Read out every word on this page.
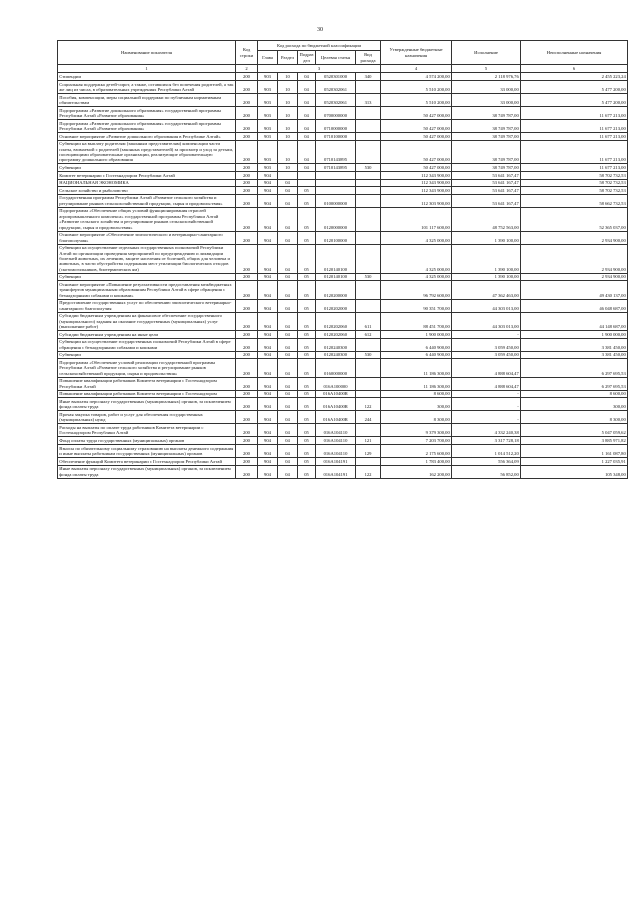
30
Наименование показателя	Код строки	Код расхода по бюджетной классификации					Утвержденные бюджетные назначения	Исполнение	Неисполненные назначения
		Глава	Раздел	Подраз дел	Целевая статья	Вид расхода			
1	2	3					4	5	6
Стипендии	200	903	10	04	0520301000	340	4 574 200,00	2 118 976,76	2 455 223,24
Социальная поддержка детей-сирот, а также, оставшихся без попечения родителей, а так же лиц из числа, в образовательных учреждениях Республики Алтай	200	903	10	04	0520302061		5 510 200,00	33 000,00	5 477 200,00
Пособия, компенсации, меры социальной поддержки по публичным нормативным обязательствам	200	903	10	04	0520302061	313	5 510 200,00	33 000,00	5 477 200,00
Подпрограмма «Развитие дошкольного образования» государственной программы Республики Алтай «Развитие образования»	200	903	10	04	0700000000		50 427 000,00	38 749 787,00	11 677 213,00
Подпрограмма «Развитие дошкольного образования» государственной программы Республики Алтай «Развитие образования»	200	903	10	04	0710000000		50 427 000,00	38 749 787,00	11 677 213,00
Основное мероприятие «Развитие дошкольного образования в Республике Алтай»	200	903	10	04	0710100000		50 427 000,00	38 749 787,00	11 677 213,00
Субвенции на выплату родителям (законным представителям) компенсации части платы, взимаемой с родителей (законных представителей) за присмотр и уход за детьми, посещающими образовательные организации, реализующие образовательную программу дошкольного образования	200	903	10	04	0710143895		50 427 000,00	38 749 787,00	11 677 213,00
Субвенции	200	903	10	04	0710143895	530	50 427 000,00	38 749 787,00	11 677 213,00
Комитет ветеринарии с Гостехнадзором Республики Алтай	200	904					112 343 900,00	53 641 167,47	58 702 732,53
НАЦИОНАЛЬНАЯ ЭКОНОМИКА	200	904	04				112 343 900,00	53 641 167,47	58 702 732,53
Сельское хозяйство и рыболовство	200	904	04	05			112 343 900,00	53 641 167,47	58 702 732,53
Государственная программа Республики Алтай «Развитие сельского хозяйства и регулирование рынков сельскохозяйственной продукции, сырья и продовольствия»	200	904	04	05	0100000000		112 303 900,00	53 641 167,47	58 662 732,53
Подпрограмма «Обеспечение общих условий функционирования отраслей агропромышленного комплекса» государственной программы Республики Алтай «Развитие сельского хозяйства и регулирование рынков сельскохозяйственной продукции, сырья и продовольствия»	200	904	04	05	0120000000		101 117 600,00	48 752 563,00	52 365 037,00
Основное мероприятие «Обеспечение эпизоотического и ветеринарно-санитарного благополучия»	200	904	04	05	0120100000		4 325 000,00	1 390 100,00	2 934 900,00
Субвенции на осуществление отдельных государственных полномочий Республики Алтай по организации проведения мероприятий по предупреждению и ликвидации болезней животных, их лечению, защите населения от болезней, общих для человека и животных, в части обустройства содержания мест утилизации биологических отходов (скотомогильников, биотермических ям)	200	904	04	05	0120140100		4 325 000,00	1 390 100,00	2 934 900,00
Субвенции	200	904	04	05	0120140100	530	4 325 000,00	1 390 100,00	2 934 900,00
Основное мероприятие «Повышение результативности предоставления межбюджетных трансфертов муниципальным образованиям Республики Алтай в сфере обращения с безнадзорными собаками и кошками»	200	904	04	05	0120200000		96 792 600,00	47 362 463,00	49 430 137,00
Предоставление государственных услуг по обеспечению эпизоотического ветеринарно-санитарного благополучия	200	904	04	05	0120202000		90 351 700,00	44 303 013,00	46 048 687,00
Субсидии бюджетным учреждениям на финансовое обеспечение государственного (муниципального) задания на оказание государственных (муниципальных) услуг (выполнение работ)	200	904	04	05	0120202060	611	88 451 700,00	44 303 013,00	44 148 687,00
Субсидии бюджетным учреждениям на иные цели	200	904	04	05	0120202060	612	1 900 000,00	-	1 900 000,00
Субвенции на осуществление государственных полномочий Республики Алтай в сфере обращения с безнадзорными собаками и кошками	200	904	04	05	0120240300		6 440 900,00	3 059 450,00	3 381 450,00
Субвенции	200	904	04	05	0120240300	530	6 440 900,00	3 059 450,00	3 381 450,00
Подпрограмма «Обеспечение условий реализации государственной программы Республики Алтай «Развитие сельского хозяйства и регулирование рынков сельскохозяйственной продукции, сырья и продовольствия»	200	904	04	05	0160000000		11 186 300,00	4 888 604,47	6 297 695,53
Повышение квалификации работников Комитета ветеринарии с Гостехнадзором Республики Алтай	200	904	04	05	016А100000		11 186 300,00	4 888 604,47	6 297 695,53
Повышение квалификации работников Комитета ветеринарии с Гостехнадзором	200	904	04	05	016А10400R		8 600,00	-	8 600,00
Иные выплаты персоналу государственных (муниципальных) органов, за исключением фонда оплаты труда	200	904	04	05	016А10400R	122	300,00	-	300,00
Прочая закупка товаров, работ и услуг для обеспечения государственных (муниципальных) нужд	200	904	04	05	016А10400R	244	8 300,00	-	8 300,00
Расходы на выплаты по оплате труда работников Комитета ветеринарии с Гостехнадзором Республики Алтай	200	904	04	05	016А104110		9 379 300,00	4 332 240,38	5 047 059,62
Фонд оплаты труда государственных (муниципальных) органов	200	904	04	05	016А104110	121	7 203 700,00	3 317 728,18	3 885 971,82
Взносы по обязательному социальному страхованию на выплаты денежного содержания и иные выплаты работникам государственных (муниципальных) органов	200	904	04	05	016А104110	129	2 175 600,00	1 014 512,20	1 161 087,80
Обеспечение функций Комитета ветеринарии с Гостехнадзором Республики Алтай	200	904	04	05	016А104191		1 783 400,00	556 364,09	1 227 035,91
Иные выплаты персоналу государственных (муниципальных) органов, за исключением фонда оплаты труда	200	904	04	05	016А104191	122	162 200,00	56 852,00	105 348,00
